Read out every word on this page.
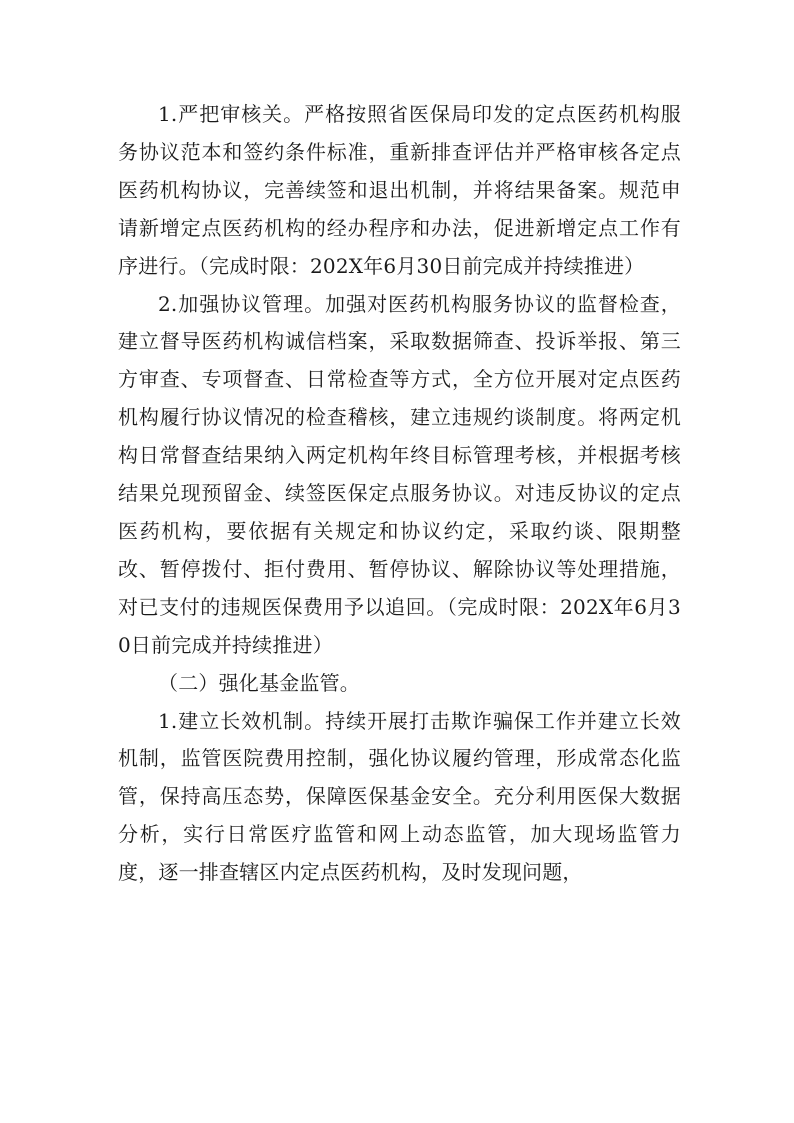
1.严把审核关。严格按照省医保局印发的定点医药机构服务协议范本和签约条件标准，重新排查评估并严格审核各定点医药机构协议，完善续签和退出机制，并将结果备案。规范申请新增定点医药机构的经办程序和办法，促进新增定点工作有序进行。（完成时限：202X年6月30日前完成并持续推进）

2.加强协议管理。加强对医药机构服务协议的监督检查，建立督导医药机构诚信档案，采取数据筛查、投诉举报、第三方审查、专项督查、日常检查等方式，全方位开展对定点医药机构履行协议情况的检查稽核，建立违规约谈制度。将两定机构日常督查结果纳入两定机构年终目标管理考核，并根据考核结果兑现预留金、续签医保定点服务协议。对违反协议的定点医药机构，要依据有关规定和协议约定，采取约谈、限期整改、暂停拨付、拒付费用、暂停协议、解除协议等处理措施，对已支付的违规医保费用予以追回。（完成时限：202X年6月30日前完成并持续推进）

（二）强化基金监管。

1.建立长效机制。持续开展打击欺诈骗保工作并建立长效机制，监管医院费用控制，强化协议履约管理，形成常态化监管，保持高压态势，保障医保基金安全。充分利用医保大数据分析，实行日常医疗监管和网上动态监管，加大现场监管力度，逐一排查辖区内定点医药机构，及时发现问题，
